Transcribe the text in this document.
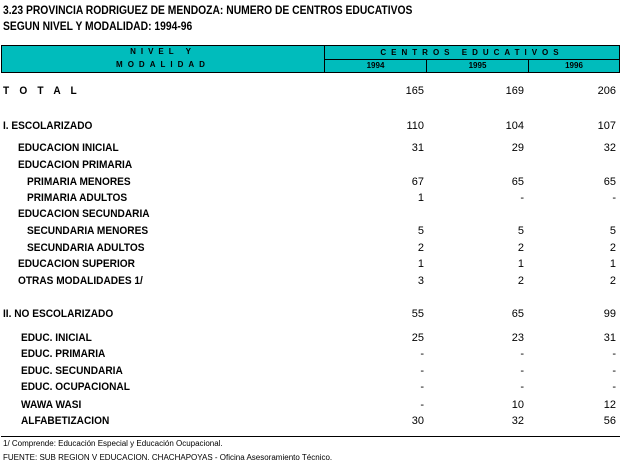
3.23 PROVINCIA RODRIGUEZ DE MENDOZA: NUMERO DE CENTROS EDUCATIVOS
SEGUN NIVEL Y MODALIDAD: 1994-96
NIVEL Y
MODALIDAD
CENTROS EDUCATIVOS
1994	1995	1996
T O T A L	165	169	206
I. ESCOLARIZADO	110	104	107
EDUCACION INICIAL	31	29	32
EDUCACION PRIMARIA
PRIMARIA MENORES	67	65	65
PRIMARIA ADULTOS	1	-	-
EDUCACION SECUNDARIA
SECUNDARIA MENORES	5	5	5
SECUNDARIA ADULTOS	2	2	2
EDUCACION SUPERIOR	1	1	1
OTRAS MODALIDADES 1/	3	2	2
II. NO ESCOLARIZADO	55	65	99
EDUC. INICIAL	25	23	31
EDUC. PRIMARIA	-	-	-
EDUC. SECUNDARIA	-	-	-
EDUC. OCUPACIONAL	-	-	-
WAWA WASI	-	10	12
ALFABETIZACION	30	32	56
1/ Comprende: Educación Especial y Educación Ocupacional.
FUENTE: SUB REGION V EDUCACION. CHACHAPOYAS - Oficina Asesoramiento Técnico.
